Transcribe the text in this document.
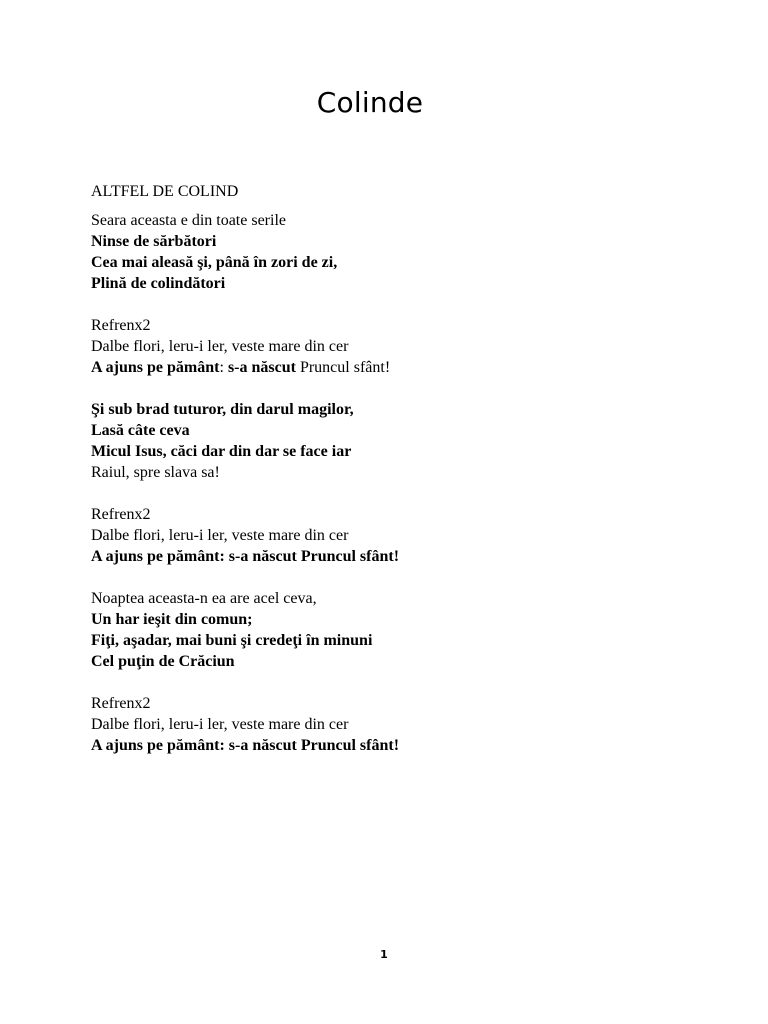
Colinde
ALTFEL DE COLIND
Seara aceasta e din toate serile
Ninse de sărbători
Cea mai aleasă şi, până în zori de zi,
Plină de colindători
Refrenx2
Dalbe flori, leru-i ler, veste mare din cer
A ajuns pe pământ: s-a născut Pruncul sfânt!
Şi sub brad tuturor, din darul magilor,
Lasă câte ceva
Micul Isus, căci dar din dar se face iar
Raiul, spre slava sa!
Refrenx2
Dalbe flori, leru-i ler, veste mare din cer
A ajuns pe pământ: s-a născut Pruncul sfânt!
Noaptea aceasta-n ea are acel ceva,
Un har ieşit din comun;
Fiţi, aşadar, mai buni şi credeţi în minuni
Cel puţin de Crăciun
Refrenx2
Dalbe flori, leru-i ler, veste mare din cer
A ajuns pe pământ: s-a născut Pruncul sfânt!
1
